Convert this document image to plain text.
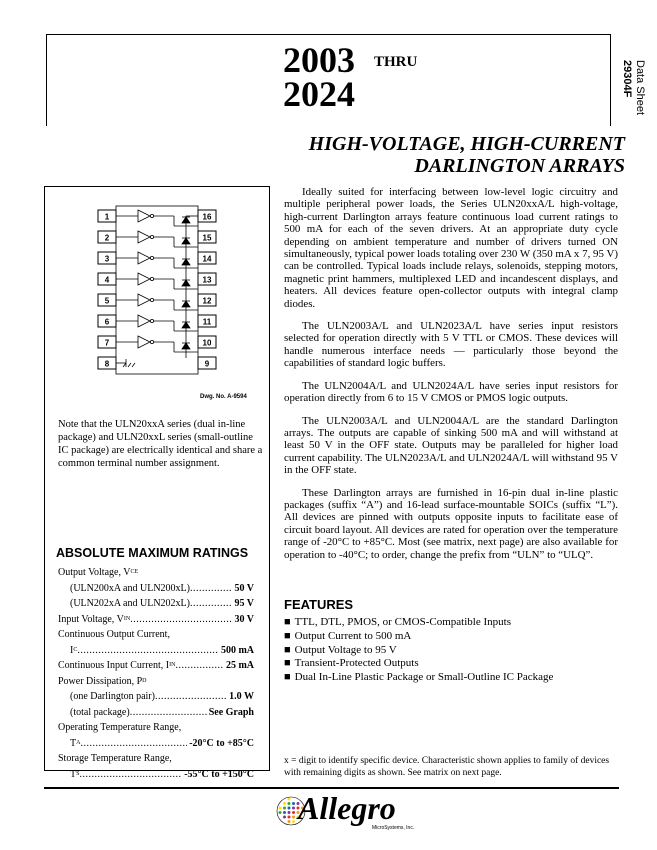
2003 THRU
2024	Data Sheet
29304F
HIGH-VOLTAGE, HIGH-CURRENT
DARLINGTON ARRAYS
1	16
2	15
3	14
4	13
5	12
6	11
7	10
8	9
Dwg. No. A-9594
Note that the ULN20xxA series (dual in-line package) and ULN20xxL series (small-outline IC package) are electrically identical and share a common terminal number assignment.
ABSOLUTE MAXIMUM RATINGS
Output Voltage, V CE
(ULN200xA and ULN200xL) .....	50 V
(ULN202xA and ULN202xL) .....	95 V
Input Voltage, V IN .....	30 V
Continuous Output Current,
I C .....	500 mA
Continuous Input Current, I IN .....	25 mA
Power Dissipation, P D
(one Darlington pair) .....	1.0 W
(total package) .....	See Graph
Operating Temperature Range,
T A .....	-20°C to +85°C
Storage Temperature Range,
T S .....	-55°C to +150°C

Ideally suited for interfacing between low-level logic circuitry and multiple peripheral power loads, the Series ULN20xxA/L high-voltage, high-current Darlington arrays feature continuous load current ratings to 500 mA for each of the seven drivers. At an appropriate duty cycle depending on ambient temperature and number of drivers turned ON simultaneously, typical power loads totaling over 230 W (350 mA x 7, 95 V) can be controlled. Typical loads include relays, solenoids, stepping motors, magnetic print hammers, multiplexed LED and incandescent displays, and heaters. All devices feature open-collector outputs with integral clamp diodes.

The ULN2003A/L and ULN2023A/L have series input resistors selected for operation directly with 5 V TTL or CMOS. These devices will handle numerous interface needs — particularly those beyond the capabilities of standard logic buffers.

The ULN2004A/L and ULN2024A/L have series input resistors for operation directly from 6 to 15 V CMOS or PMOS logic outputs.

The ULN2003A/L and ULN2004A/L are the standard Darlington arrays. The outputs are capable of sinking 500 mA and will withstand at least 50 V in the OFF state. Outputs may be paralleled for higher load current capability. The ULN2023A/L and ULN2024A/L will withstand 95 V in the OFF state.

These Darlington arrays are furnished in 16-pin dual in-line plastic packages (suffix “A”) and 16-lead surface-mountable SOICs (suffix “L”). All devices are pinned with outputs opposite inputs to facilitate ease of circuit board layout. All devices are rated for operation over the temperature range of -20°C to +85°C. Most (see matrix, next page) are also available for operation to -40°C; to order, change the prefix from “ULN” to “ULQ”.

FEATURES
■ TTL, DTL, PMOS, or CMOS-Compatible Inputs
■ Output Current to 500 mA
■ Output Voltage to 95 V
■ Transient-Protected Outputs
■ Dual In-Line Plastic Package or Small-Outline IC Package
x = digit to identify specific device. Characteristic shown applies to family of devices with remaining digits as shown. See matrix on next page.
Allegro
MicroSystems, Inc.
